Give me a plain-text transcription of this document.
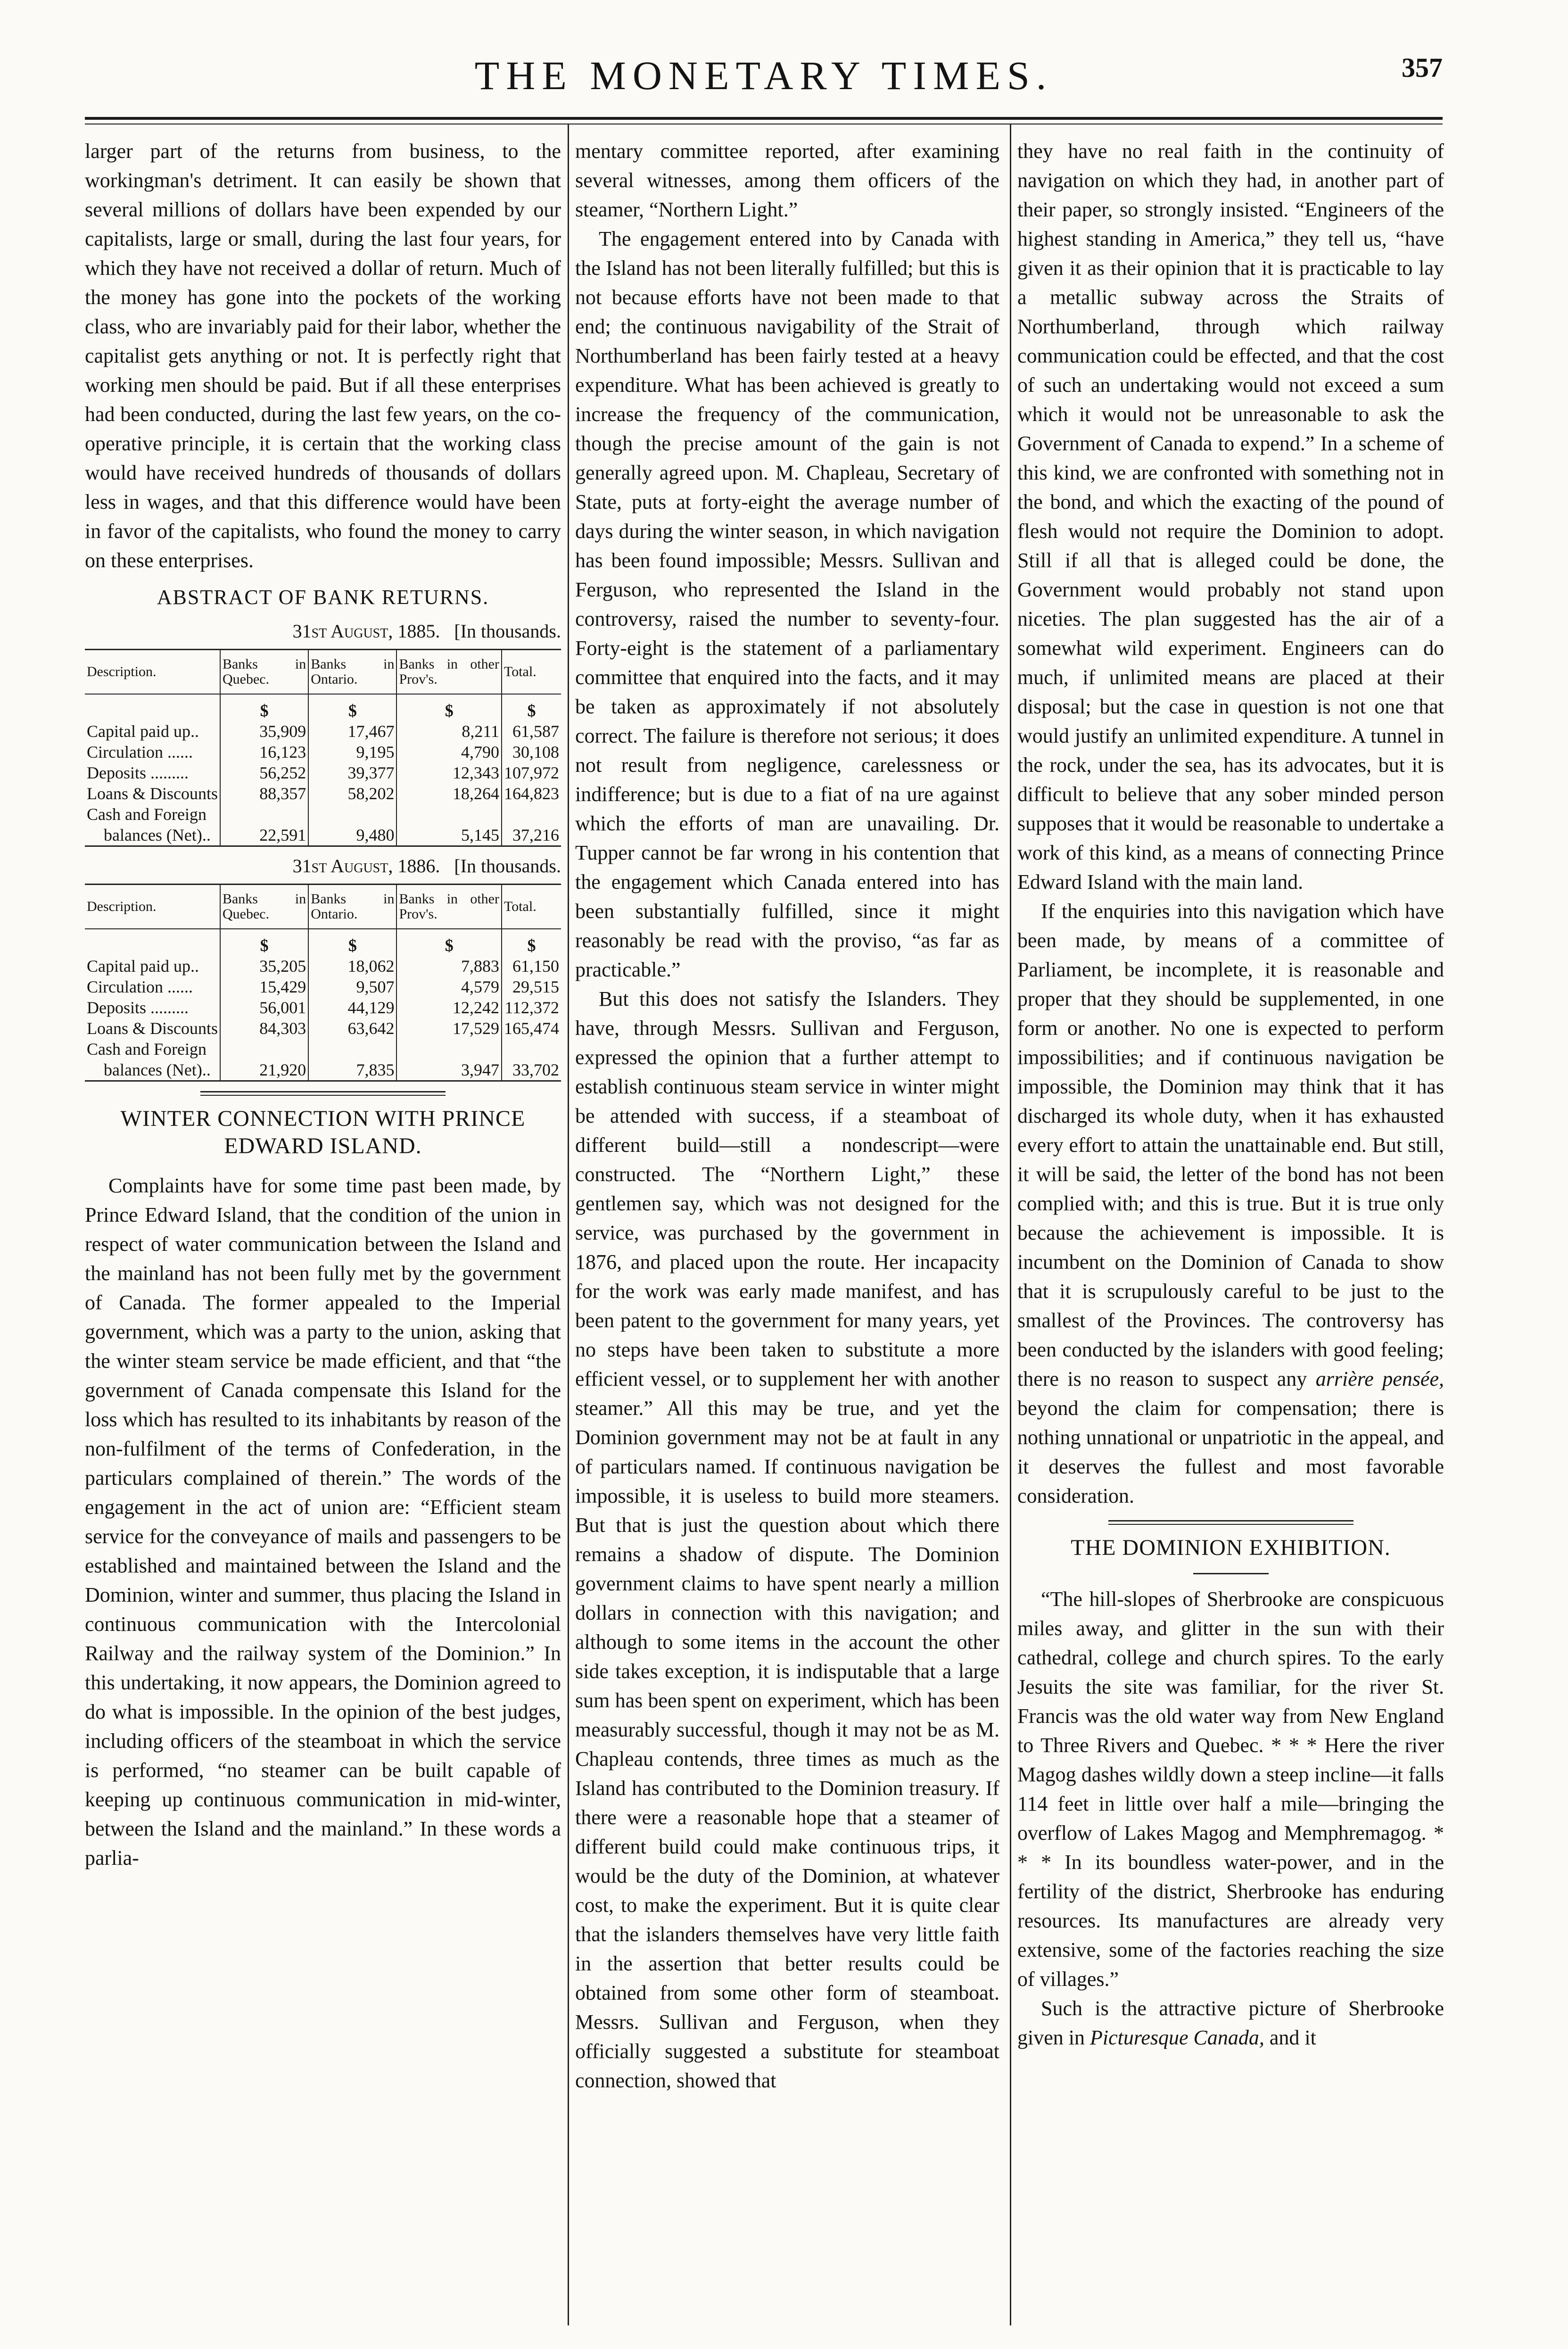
THE MONETARY TIMES.	357

larger part of the returns from business, to the workingman's detriment. It can easily be shown that several millions of dollars have been expended by our capitalists, large or small, during the last four years, for which they have not received a dollar of return. Much of the money has gone into the pockets of the working class, who are invariably paid for their labor, whether the capitalist gets anything or not. It is perfectly right that working men should be paid. But if all these enterprises had been conducted, during the last few years, on the co-operative principle, it is certain that the working class would have received hundreds of thousands of dollars less in wages, and that this difference would have been in favor of the capitalists, who found the money to carry on these enterprises.

ABSTRACT OF BANK RETURNS.
31st August, 1885. [In thousands.
Description.	Banks in Quebec.	Banks in Ontario.	Banks in other Prov's.	Total.
	$	$	$	$
Capital paid up..	35,909	17,467	8,211	61,587
Circulation ......	16,123	9,195	4,790	30,108
Deposits .........	56,252	39,377	12,343	107,972
Loans & Discounts	88,357	58,202	18,264	164,823
Cash and Foreign				
balances (Net)..	22,591	9,480	5,145	37,216
31st August, 1886. [In thousands.
Description.	Banks in Quebec.	Banks in Ontario.	Banks in other Prov's.	Total.
	$	$	$	$
Capital paid up..	35,205	18,062	7,883	61,150
Circulation ......	15,429	9,507	4,579	29,515
Deposits .........	56,001	44,129	12,242	112,372
Loans & Discounts	84,303	63,642	17,529	165,474
Cash and Foreign				
balances (Net)..	21,920	7,835	3,947	33,702
WINTER CONNECTION WITH PRINCE EDWARD ISLAND.

Complaints have for some time past been made, by Prince Edward Island, that the condition of the union in respect of water communication between the Island and the mainland has not been fully met by the government of Canada. The former appealed to the Imperial government, which was a party to the union, asking that the winter steam service be made efficient, and that “the government of Canada compensate this Island for the loss which has resulted to its inhabitants by reason of the non-fulfilment of the terms of Confederation, in the particulars complained of therein.” The words of the engagement in the act of union are: “Efficient steam service for the conveyance of mails and passengers to be established and maintained between the Island and the Dominion, winter and summer, thus placing the Island in continuous communication with the Intercolonial Railway and the railway system of the Dominion.” In this undertaking, it now appears, the Dominion agreed to do what is impossible. In the opinion of the best judges, including officers of the steamboat in which the service is performed, “no steamer can be built capable of keeping up continuous communication in mid-winter, between the Island and the mainland.” In these words a parlia-

mentary committee reported, after examining several witnesses, among them officers of the steamer, “Northern Light.”

The engagement entered into by Canada with the Island has not been literally fulfilled; but this is not because efforts have not been made to that end; the continuous navigability of the Strait of Northumberland has been fairly tested at a heavy expenditure. What has been achieved is greatly to increase the frequency of the communication, though the precise amount of the gain is not generally agreed upon. M. Chapleau, Secretary of State, puts at forty-eight the average number of days during the winter season, in which navigation has been found impossible; Messrs. Sullivan and Ferguson, who represented the Island in the controversy, raised the number to seventy-four. Forty-eight is the statement of a parliamentary committee that enquired into the facts, and it may be taken as approximately if not absolutely correct. The failure is therefore not serious; it does not result from negligence, carelessness or indifference; but is due to a fiat of na ure against which the efforts of man are unavailing. Dr. Tupper cannot be far wrong in his contention that the engagement which Canada entered into has been substantially fulfilled, since it might reasonably be read with the proviso, “as far as practicable.”

But this does not satisfy the Islanders. They have, through Messrs. Sullivan and Ferguson, expressed the opinion that a further attempt to establish continuous steam service in winter might be attended with success, if a steamboat of different build—still a nondescript—were constructed. The “Northern Light,” these gentlemen say, which was not designed for the service, was purchased by the government in 1876, and placed upon the route. Her incapacity for the work was early made manifest, and has been patent to the government for many years, yet no steps have been taken to substitute a more efficient vessel, or to supplement her with another steamer.” All this may be true, and yet the Dominion government may not be at fault in any of particulars named. If continuous navigation be impossible, it is useless to build more steamers. But that is just the question about which there remains a shadow of dispute. The Dominion government claims to have spent nearly a million dollars in connection with this navigation; and although to some items in the account the other side takes exception, it is indisputable that a large sum has been spent on experiment, which has been measurably successful, though it may not be as M. Chapleau contends, three times as much as the Island has contributed to the Dominion treasury. If there were a reasonable hope that a steamer of different build could make continuous trips, it would be the duty of the Dominion, at whatever cost, to make the experiment. But it is quite clear that the islanders themselves have very little faith in the assertion that better results could be obtained from some other form of steamboat. Messrs. Sullivan and Ferguson, when they officially suggested a substitute for steamboat connection, showed that

they have no real faith in the continuity of navigation on which they had, in another part of their paper, so strongly insisted. “Engineers of the highest standing in America,” they tell us, “have given it as their opinion that it is practicable to lay a metallic subway across the Straits of Northumberland, through which railway communication could be effected, and that the cost of such an undertaking would not exceed a sum which it would not be unreasonable to ask the Government of Canada to expend.” In a scheme of this kind, we are confronted with something not in the bond, and which the exacting of the pound of flesh would not require the Dominion to adopt. Still if all that is alleged could be done, the Government would probably not stand upon niceties. The plan suggested has the air of a somewhat wild experiment. Engineers can do much, if unlimited means are placed at their disposal; but the case in question is not one that would justify an unlimited expenditure. A tunnel in the rock, under the sea, has its advocates, but it is difficult to believe that any sober minded person supposes that it would be reasonable to undertake a work of this kind, as a means of connecting Prince Edward Island with the main land.

If the enquiries into this navigation which have been made, by means of a committee of Parliament, be incomplete, it is reasonable and proper that they should be supplemented, in one form or another. No one is expected to perform impossibilities; and if continuous navigation be impossible, the Dominion may think that it has discharged its whole duty, when it has exhausted every effort to attain the unattainable end. But still, it will be said, the letter of the bond has not been complied with; and this is true. But it is true only because the achievement is impossible. It is incumbent on the Dominion of Canada to show that it is scrupulously careful to be just to the smallest of the Provinces. The controversy has been conducted by the islanders with good feeling; there is no reason to suspect any arrière pensée, beyond the claim for compensation; there is nothing unnational or unpatriotic in the appeal, and it deserves the fullest and most favorable consideration.

THE DOMINION EXHIBITION.

“The hill-slopes of Sherbrooke are conspicuous miles away, and glitter in the sun with their cathedral, college and church spires. To the early Jesuits the site was familiar, for the river St. Francis was the old water way from New England to Three Rivers and Quebec. * * * Here the river Magog dashes wildly down a steep incline—it falls 114 feet in little over half a mile—bringing the overflow of Lakes Magog and Memphremagog. * * * In its boundless water-power, and in the fertility of the district, Sherbrooke has enduring resources. Its manufactures are already very extensive, some of the factories reaching the size of villages.”

Such is the attractive picture of Sherbrooke given in Picturesque Canada, and it
